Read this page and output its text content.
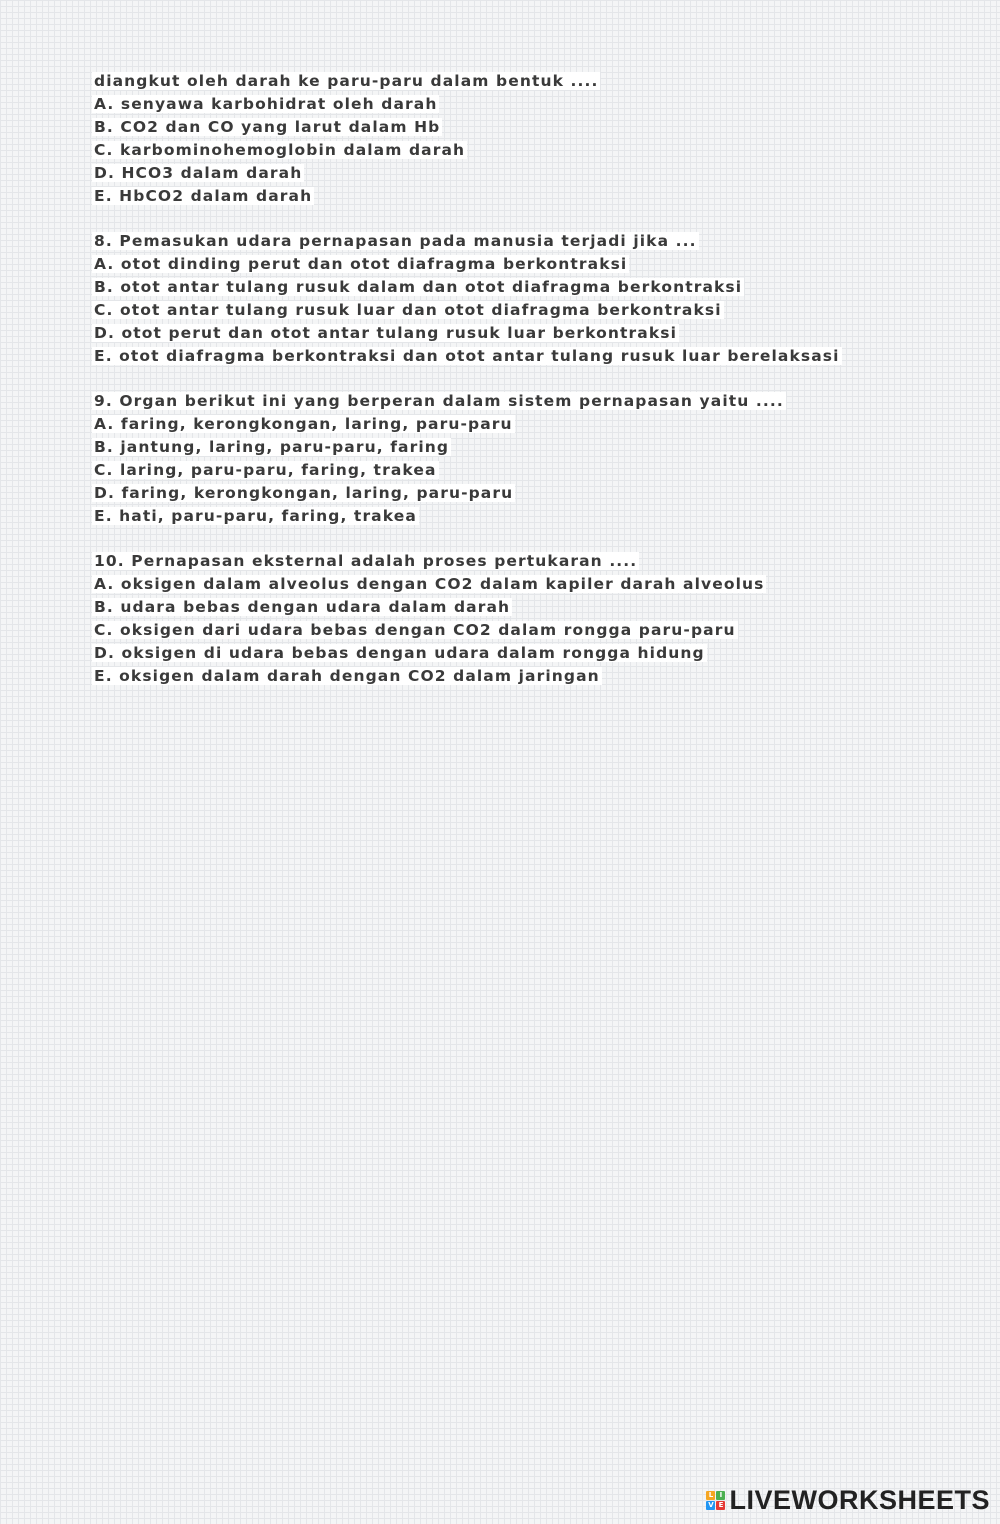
diangkut oleh darah ke paru-paru dalam bentuk ....
A. senyawa karbohidrat oleh darah
B. CO2 dan CO yang larut dalam Hb
C. karbominohemoglobin dalam darah
D. HCO3 dalam darah
E. HbCO2 dalam darah
8. Pemasukan udara pernapasan pada manusia terjadi jika ...
A. otot dinding perut dan otot diafragma berkontraksi
B. otot antar tulang rusuk dalam dan otot diafragma berkontraksi
C. otot antar tulang rusuk luar dan otot diafragma berkontraksi
D. otot perut dan otot antar tulang rusuk luar berkontraksi
E. otot diafragma berkontraksi dan otot antar tulang rusuk luar berelaksasi
9. Organ berikut ini yang berperan dalam sistem pernapasan yaitu ....
A. faring, kerongkongan, laring, paru-paru
B. jantung, laring, paru-paru, faring
C. laring, paru-paru, faring, trakea
D. faring, kerongkongan, laring, paru-paru
E. hati, paru-paru, faring, trakea
10. Pernapasan eksternal adalah proses pertukaran ....
A. oksigen dalam alveolus dengan CO2 dalam kapiler darah alveolus
B. udara bebas dengan udara dalam darah
C. oksigen dari udara bebas dengan CO2 dalam rongga paru-paru
D. oksigen di udara bebas dengan udara dalam rongga hidung
E. oksigen dalam darah dengan CO2 dalam jaringan
L I
V E LIVEWORKSHEETS
